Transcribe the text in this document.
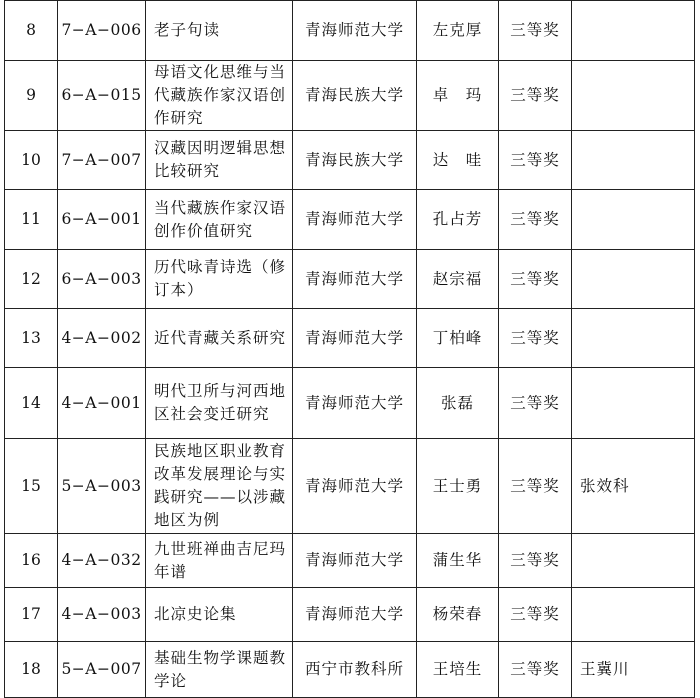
8	7−A−006	老子句读	青海师范大学	左克厚	三等奖	
9	6−A−015	母语文化思维与当代藏族作家汉语创作研究	青海民族大学	卓　玛	三等奖	
10	7−A−007	汉藏因明逻辑思想比较研究	青海民族大学	达　哇	三等奖	
11	6−A−001	当代藏族作家汉语创作价值研究	青海师范大学	孔占芳	三等奖	
12	6−A−003	历代咏青诗选（修订本）	青海师范大学	赵宗福	三等奖	
13	4−A−002	近代青藏关系研究	青海师范大学	丁柏峰	三等奖	
14	4−A−001	明代卫所与河西地区社会变迁研究	青海师范大学	张磊	三等奖	
15	5−A−003	民族地区职业教育改革发展理论与实践研究——以涉藏地区为例	青海师范大学	王士勇	三等奖	张效科
16	4−A−032	九世班禅曲吉尼玛年谱	青海师范大学	蒲生华	三等奖	
17	4−A−003	北凉史论集	青海师范大学	杨荣春	三等奖	
18	5−A−007	基础生物学课题教学论	西宁市教科所	王培生	三等奖	王冀川
